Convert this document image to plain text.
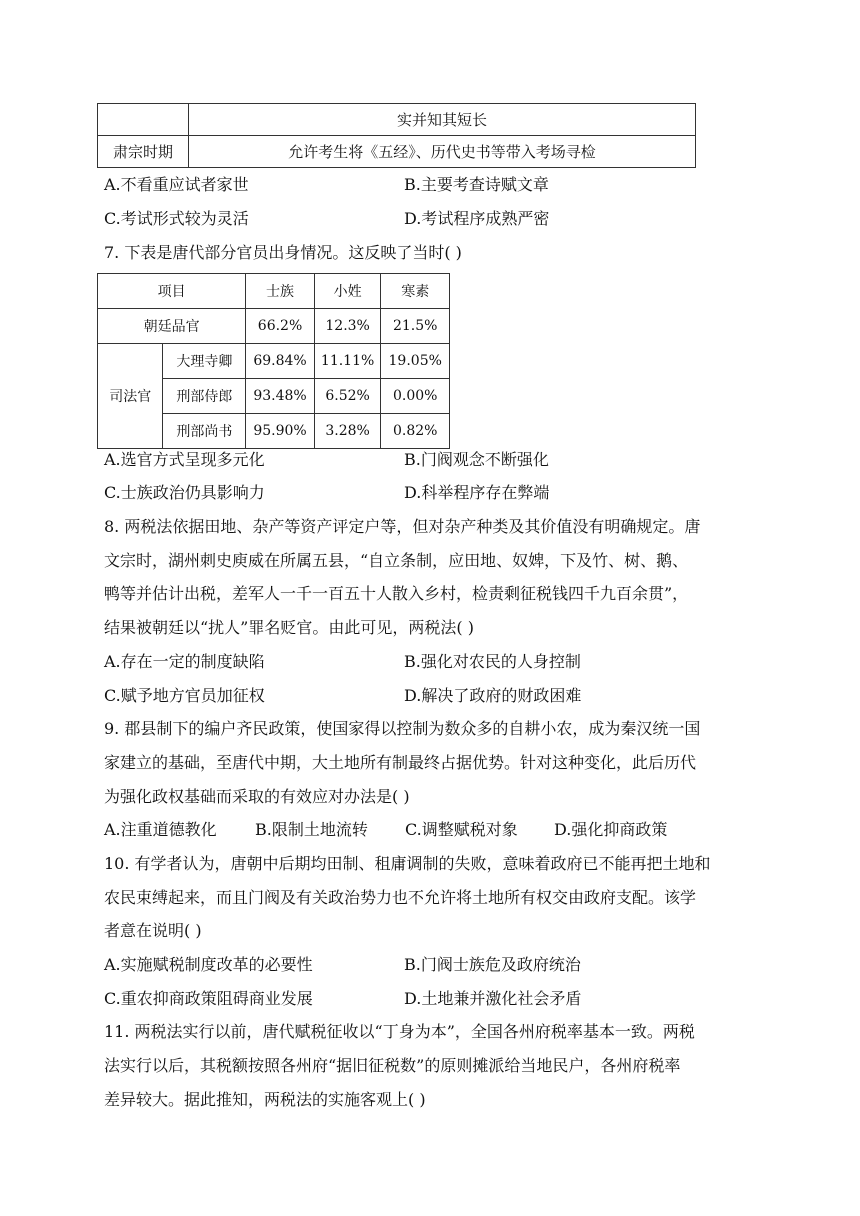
	实并知其短长
肃宗时期	允许考生将《五经》、历代史书等带入考场寻检
A.不看重应试者家世	B.主要考查诗赋文章
C.考试形式较为灵活	D.考试程序成熟严密
7. 下表是唐代部分官员出身情况。这反映了当时( )
项目		士族	小姓	寒素
朝廷品官		66.2%	12.3%	21.5%
司法官	大理寺卿	69.84%	11.11%	19.05%
	刑部侍郎	93.48%	6.52%	0.00%
	刑部尚书	95.90%	3.28%	0.82%
A.选官方式呈现多元化	B.门阀观念不断强化
C.士族政治仍具影响力	D.科举程序存在弊端
8. 两税法依据田地、杂产等资产评定户等，但对杂产种类及其价值没有明确规定。唐
文宗时，湖州刺史庾威在所属五县，“自立条制，应田地、奴婢，下及竹、树、鹅、
鸭等并估计出税，差军人一千一百五十人散入乡村，检责剩征税钱四千九百余贯”，
结果被朝廷以“扰人”罪名贬官。由此可见，两税法( )
A.存在一定的制度缺陷	B.强化对农民的人身控制
C.赋予地方官员加征权	D.解决了政府的财政困难
9. 郡县制下的编户齐民政策，使国家得以控制为数众多的自耕小农，成为秦汉统一国
家建立的基础，至唐代中期，大土地所有制最终占据优势。针对这种变化，此后历代
为强化政权基础而采取的有效应对办法是( )
A.注重道德教化 B.限制土地流转 C.调整赋税对象 D.强化抑商政策
10. 有学者认为，唐朝中后期均田制、租庸调制的失败，意味着政府已不能再把土地和
农民束缚起来，而且门阀及有关政治势力也不允许将土地所有权交由政府支配。该学
者意在说明( )
A.实施赋税制度改革的必要性	B.门阀士族危及政府统治
C.重农抑商政策阻碍商业发展	D.土地兼并激化社会矛盾
11. 两税法实行以前，唐代赋税征收以“丁身为本”，全国各州府税率基本一致。两税
法实行以后，其税额按照各州府“据旧征税数”的原则摊派给当地民户，各州府税率
差异较大。据此推知，两税法的实施客观上( )
